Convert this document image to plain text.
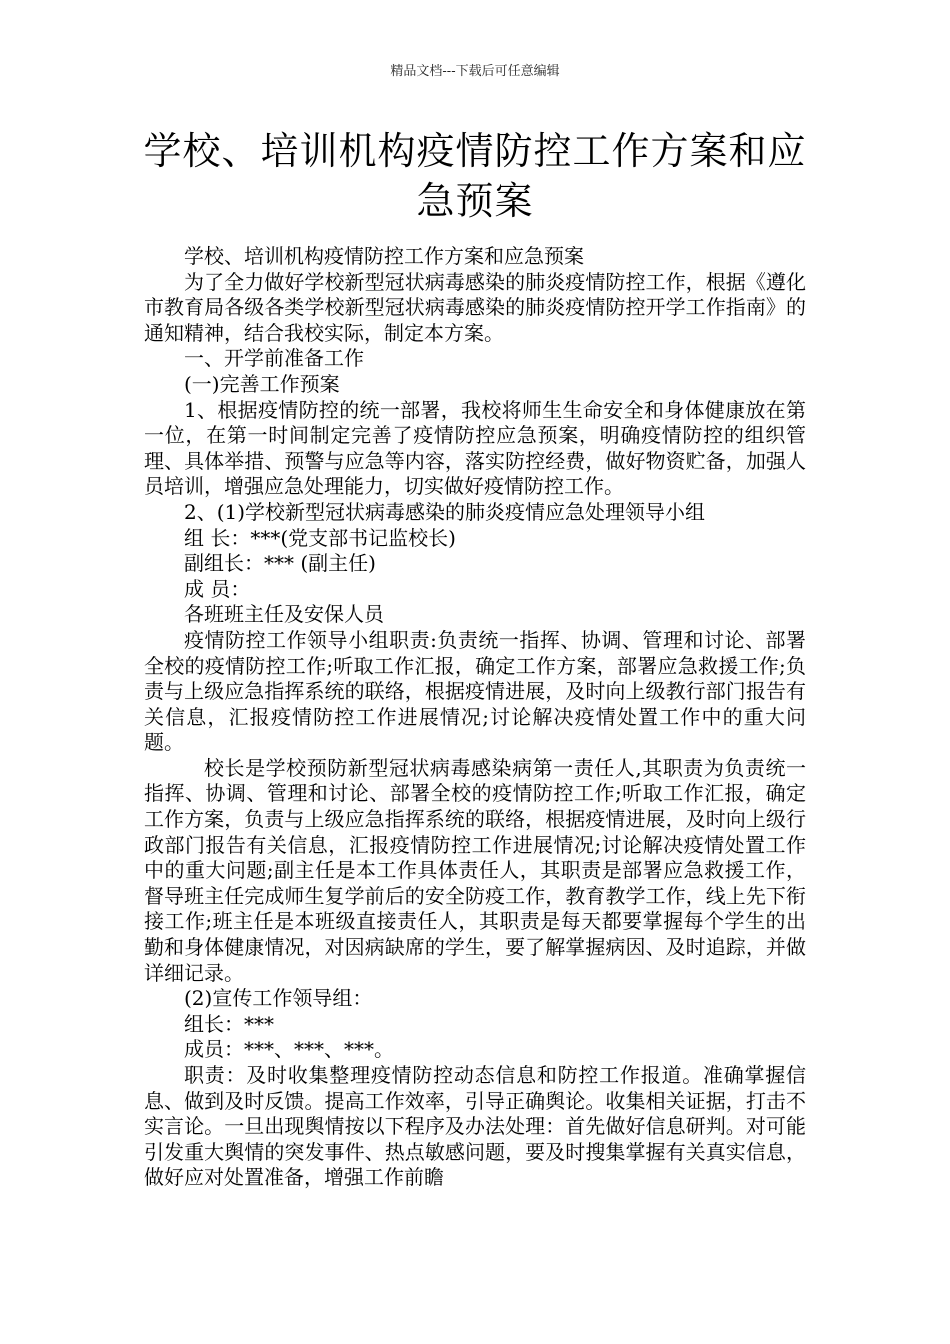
精品文档---下载后可任意编辑
学校、培训机构疫情防控工作方案和应急预案

学校、培训机构疫情防控工作方案和应急预案

为了全力做好学校新型冠状病毒感染的肺炎疫情防控工作，根据《遵化市教育局各级各类学校新型冠状病毒感染的肺炎疫情防控开学工作指南》的通知精神，结合我校实际，制定本方案。

一、开学前准备工作

(一)完善工作预案

1、根据疫情防控的统一部署，我校将师生生命安全和身体健康放在第一位，在第一时间制定完善了疫情防控应急预案，明确疫情防控的组织管理、具体举措、预警与应急等内容，落实防控经费，做好物资贮备，加强人员培训，增强应急处理能力，切实做好疫情防控工作。

2、(1)学校新型冠状病毒感染的肺炎疫情应急处理领导小组

组 长：***(党支部书记监校长)

副组长：*** (副主任)

成 员：

各班班主任及安保人员

疫情防控工作领导小组职责:负责统一指挥、协调、管理和讨论、部署全校的疫情防控工作;听取工作汇报，确定工作方案，部署应急救援工作;负责与上级应急指挥系统的联络，根据疫情进展，及时向上级教行部门报告有关信息，汇报疫情防控工作进展情况;讨论解决疫情处置工作中的重大问题。

校长是学校预防新型冠状病毒感染病第一责任人,其职责为负责统一指挥、协调、管理和讨论、部署全校的疫情防控工作;听取工作汇报，确定工作方案，负责与上级应急指挥系统的联络，根据疫情进展，及时向上级行政部门报告有关信息，汇报疫情防控工作进展情况;讨论解决疫情处置工作中的重大问题;副主任是本工作具体责任人，其职责是部署应急救援工作，督导班主任完成师生复学前后的安全防疫工作，教育教学工作，线上先下衔接工作;班主任是本班级直接责任人，其职责是每天都要掌握每个学生的出勤和身体健康情况，对因病缺席的学生，要了解掌握病因、及时追踪，并做详细记录。

(2)宣传工作领导组：

组长：***

成员：***、***、***。

职责：及时收集整理疫情防控动态信息和防控工作报道。准确掌握信息、做到及时反馈。提高工作效率，引导正确舆论。收集相关证据，打击不实言论。一旦出现舆情按以下程序及办法处理：首先做好信息研判。对可能引发重大舆情的突发事件、热点敏感问题，要及时搜集掌握有关真实信息，做好应对处置准备，增强工作前瞻
